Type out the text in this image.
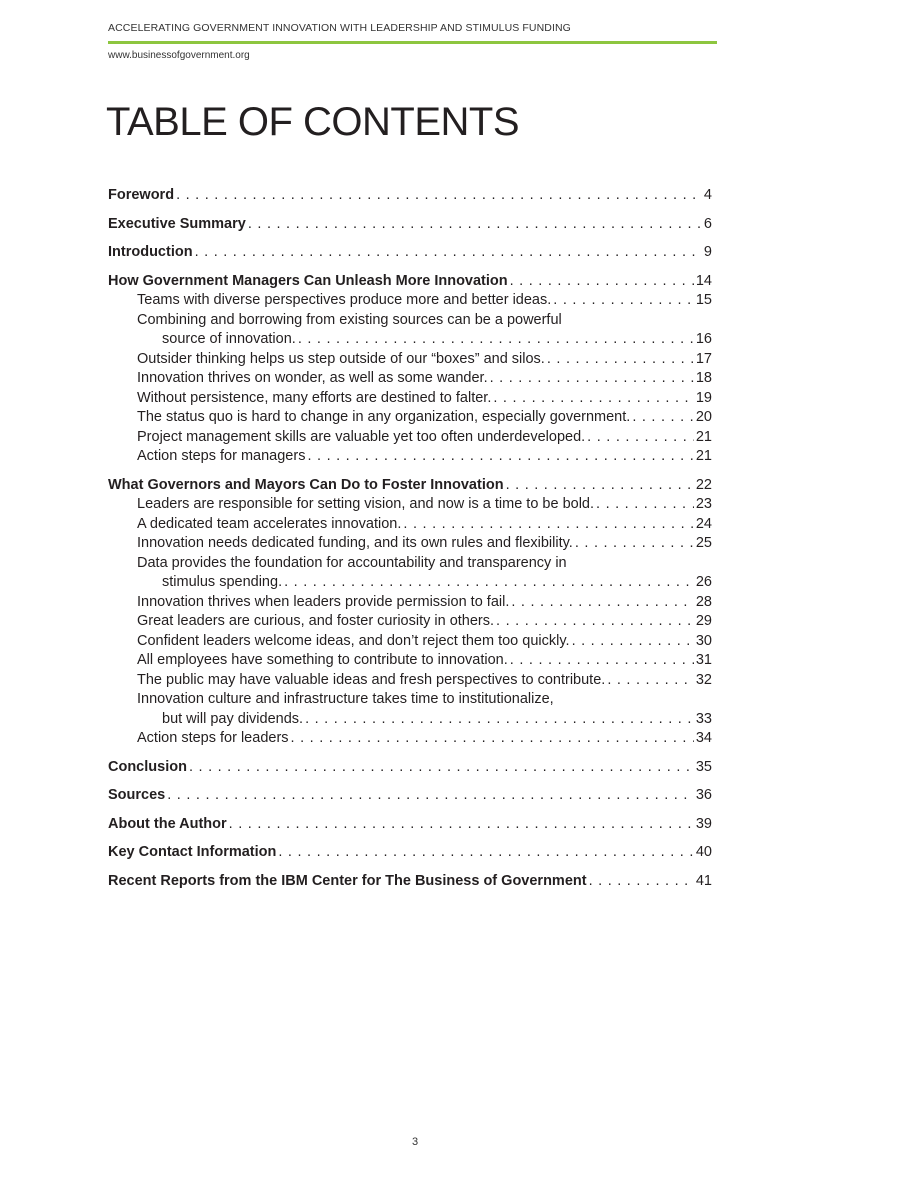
ACCELERATING GOVERNMENT INNOVATION WITH LEADERSHIP AND STIMULUS FUNDING
www.businessofgovernment.org
TABLE OF CONTENTS
Foreword . . .	4
Executive Summary . . .	6
Introduction . . .	9
How Government Managers Can Unleash More Innovation . . .	14
Teams with diverse perspectives produce more and better ideas. . . .	15
Combining and borrowing from existing sources can be a powerful
source of innovation. . . .	16
Outsider thinking helps us step outside of our “boxes” and silos. . . .	17
Innovation thrives on wonder, as well as some wander. . . .	18
Without persistence, many efforts are destined to falter. . . .	19
The status quo is hard to change in any organization, especially government. . . .	20
Project management skills are valuable yet too often underdeveloped. . . .	21
Action steps for managers . . .	21
What Governors and Mayors Can Do to Foster Innovation . . .	22
Leaders are responsible for setting vision, and now is a time to be bold. . . .	23
A dedicated team accelerates innovation. . . .	24
Innovation needs dedicated funding, and its own rules and flexibility. . . .	25
Data provides the foundation for accountability and transparency in
stimulus spending. . . .	26
Innovation thrives when leaders provide permission to fail. . . .	28
Great leaders are curious, and foster curiosity in others. . . .	29
Confident leaders welcome ideas, and don’t reject them too quickly. . . .	30
All employees have something to contribute to innovation. . . .	31
The public may have valuable ideas and fresh perspectives to contribute. . . .	32
Innovation culture and infrastructure takes time to institutionalize,
but will pay dividends. . . .	33
Action steps for leaders . . .	34
Conclusion . . .	35
Sources . . .	36
About the Author . . .	39
Key Contact Information . . .	40
Recent Reports from the IBM Center for The Business of Government . . .	41
3
